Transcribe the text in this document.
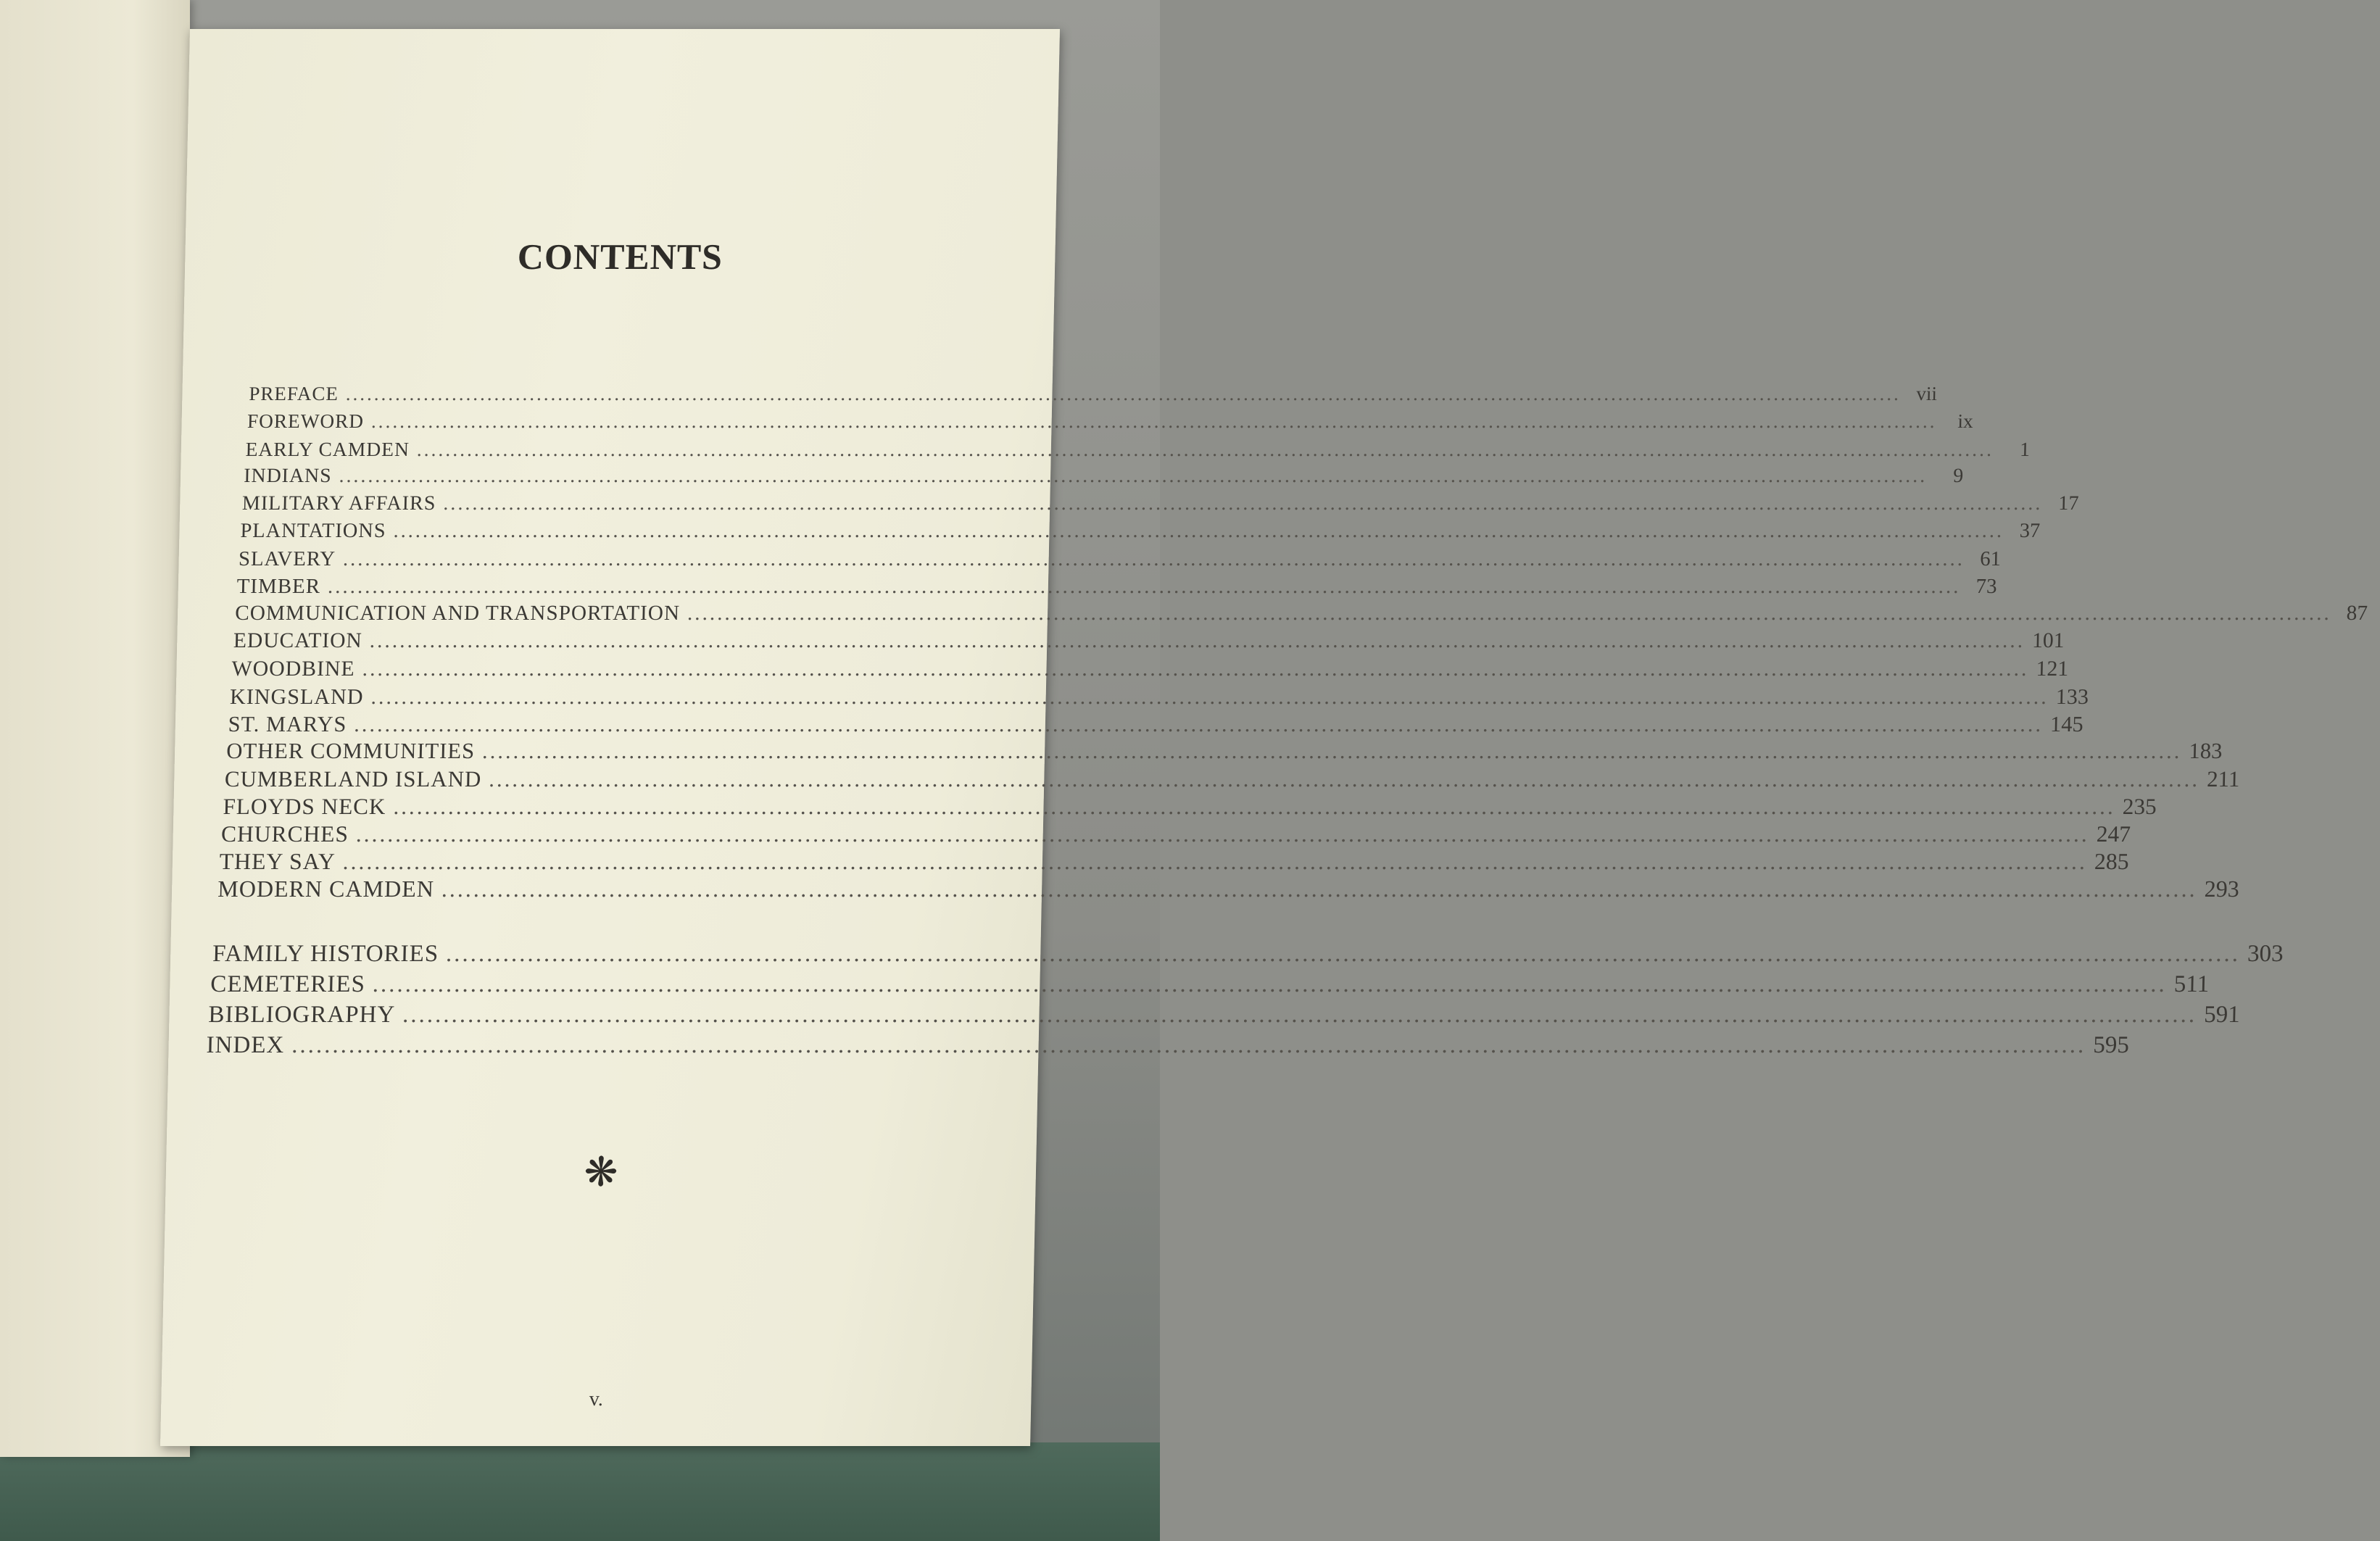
CONTENTS
PREFACE ............................................................................................................................................................................................................................ vii
FOREWORD ............................................................................................................................................................................................................................	ix
EARLY CAMDEN ............................................................................................................................................................................................................................	1
INDIANS ............................................................................................................................................................................................................................	9
MILITARY AFFAIRS ............................................................................................................................................................................................................................ 17
PLANTATIONS ............................................................................................................................................................................................................................ 37
SLAVERY ............................................................................................................................................................................................................................ 61
TIMBER ............................................................................................................................................................................................................................ 73
COMMUNICATION AND TRANSPORTATION ............................................................................................................................................................................................................................ 87
EDUCATION ............................................................................................................................................................................................................................ 101
WOODBINE ............................................................................................................................................................................................................................ 121
KINGSLAND ............................................................................................................................................................................................................................ 133
ST. MARYS ............................................................................................................................................................................................................................ 145
OTHER COMMUNITIES ............................................................................................................................................................................................................................ 183
CUMBERLAND ISLAND ............................................................................................................................................................................................................................ 211
FLOYDS NECK ............................................................................................................................................................................................................................ 235
CHURCHES ............................................................................................................................................................................................................................ 247
THEY SAY ............................................................................................................................................................................................................................ 285
MODERN CAMDEN ............................................................................................................................................................................................................................ 293
FAMILY HISTORIES ............................................................................................................................................................................................................................ 303
CEMETERIES ............................................................................................................................................................................................................................ 511
BIBLIOGRAPHY ............................................................................................................................................................................................................................ 591
INDEX ............................................................................................................................................................................................................................ 595
❋
v.
